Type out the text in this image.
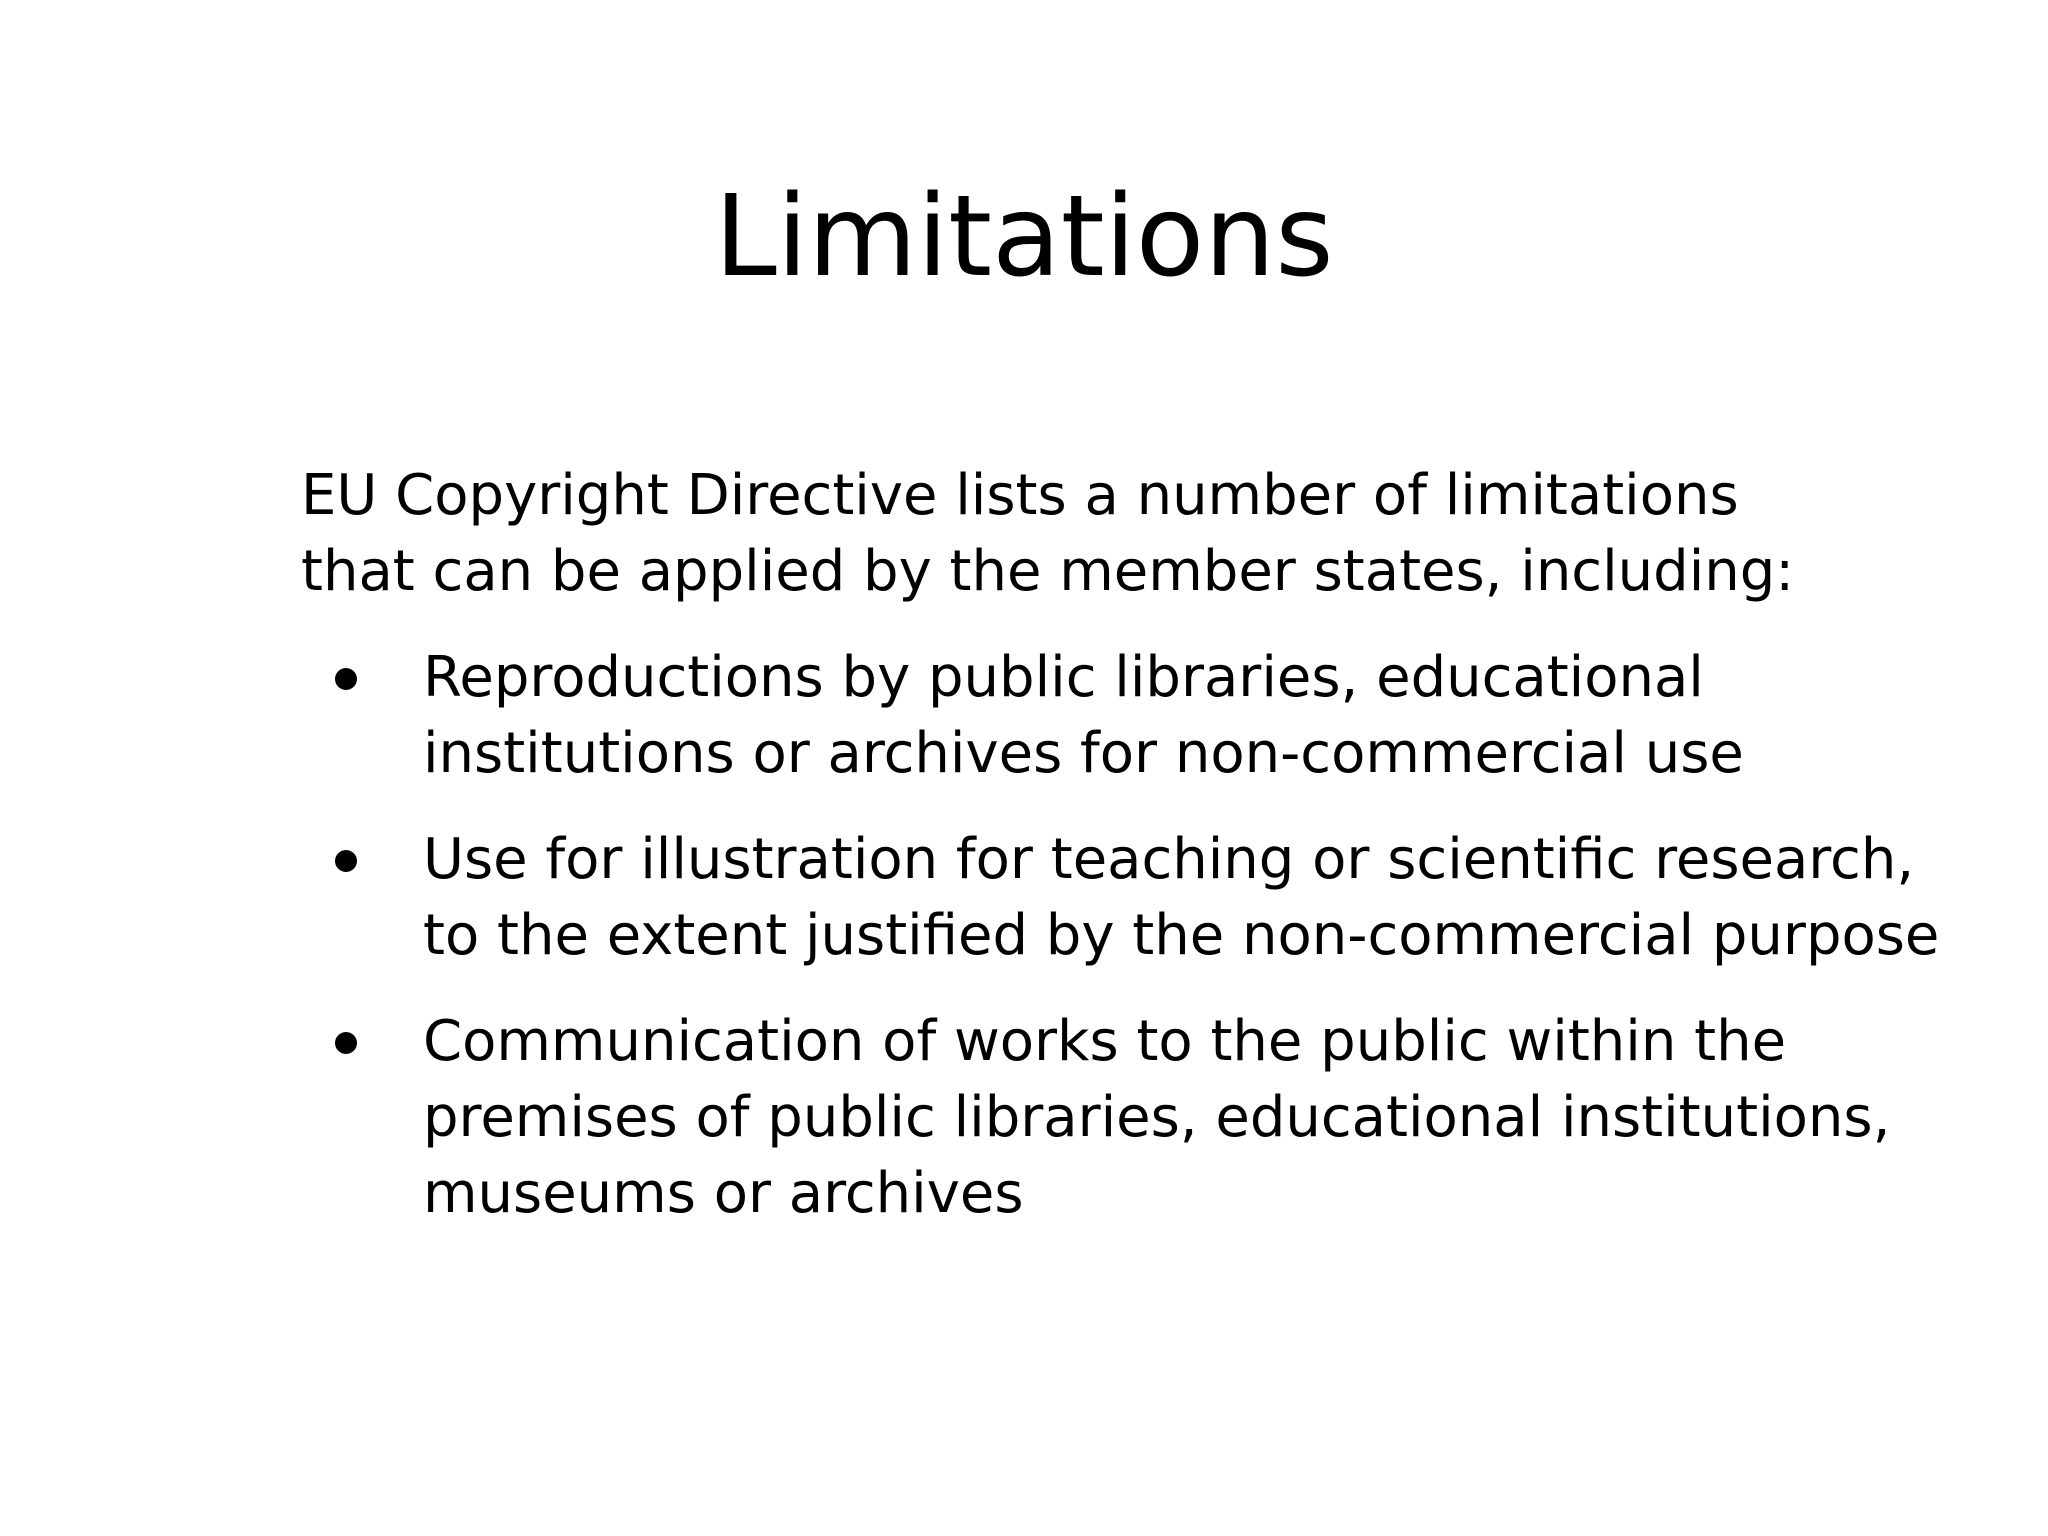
Limitations

EU Copyright Directive lists a number of limitations that can be applied by the member states, including:

Reproductions by public libraries, educational institutions or archives for non-commercial use
Use for illustration for teaching or scientific research, to the extent justified by the non-commercial purpose
Communication of works to the public within the premises of public libraries, educational institutions, museums or archives
